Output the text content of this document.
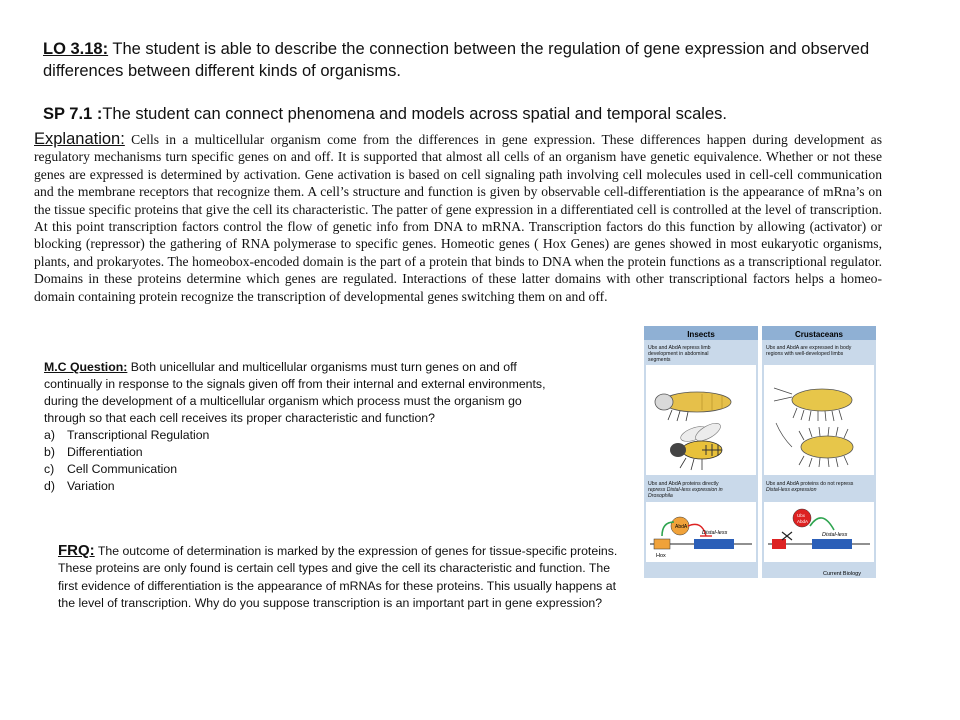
LO 3.18: The student is able to describe the connection between the regulation of gene expression and observed differences between different kinds of organisms.
SP 7.1 :The student can connect phenomena and models across spatial and temporal scales.
Explanation: Cells in a multicellular organism come from the differences in gene expression. These differences happen during development as regulatory mechanisms turn specific genes on and off. It is supported that almost all cells of an organism have genetic equivalence. Whether or not these genes are expressed is determined by activation. Gene activation is based on cell signaling path involving cell molecules used in cell-cell communication and the membrane receptors that recognize them. A cell’s structure and function is given by observable cell-differentiation is the appearance of mRna’s on the tissue specific proteins that give the cell its characteristic. The patter of gene expression in a differentiated cell is controlled at the level of transcription. At this point transcription factors control the flow of genetic info from DNA to mRNA. Transcription factors do this function by allowing (activator) or blocking (repressor) the gathering of RNA polymerase to specific genes. Homeotic genes ( Hox Genes) are genes showed in most eukaryotic organisms, plants, and prokaryotes. The homeobox-encoded domain is the part of a protein that binds to DNA when the protein functions as a transcriptional regulator. Domains in these proteins determine which genes are regulated. Interactions of these latter domains with other transcriptional factors helps a homeo-domain containing protein recognize the transcription of developmental genes switching them on and off.
M.C Question: Both unicellular and multicellular organisms must turn genes on and off continually in response to the signals given off from their internal and external environments, during the development of a multicellular organism which process must the organism go through so that each cell receives its proper characteristic and function?
a) Transcriptional Regulation
b) Differentiation
c)	Cell Communication
d) Variation
FRQ: The outcome of determination is marked by the expression of genes for tissue-specific proteins. These proteins are only found is certain cell types and give the cell its characteristic and function. The first evidence of differentiation is the appearance of mRNAs for these proteins. This usually happens at the level of transcription. Why do you suppose transcription is an important part in gene expression?
Insects	Crustaceans
Ubx and AbdA repress limb
development in abdominal
segments
Ubx and AbdA are expressed in body
regions with well-developed limbs
Ubx and AbdA proteins directly
repress Distal-less expression in
Drosophila
Ubx and AbdA proteins do not repress
Distal-less expression
Hox
AbdA
Distal-less
Ubx
AbdA
Distal-less
Current Biology
